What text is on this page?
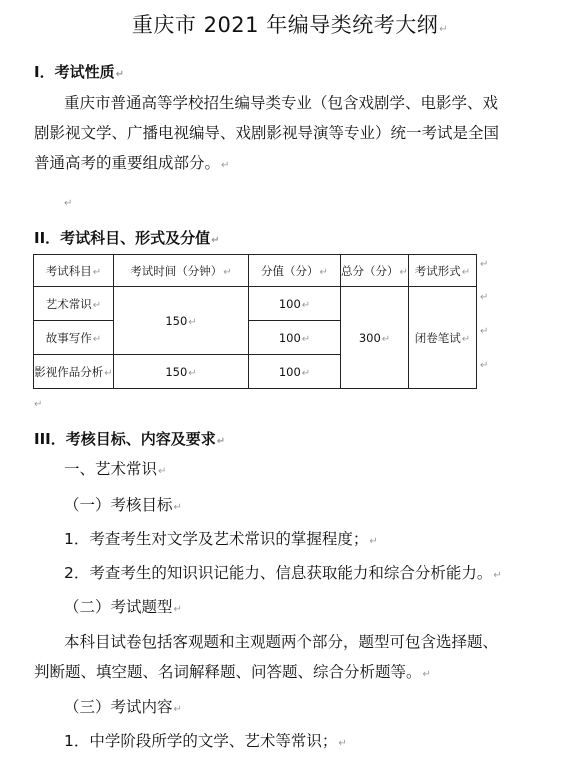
重庆市 2021 年编导类统考大纲↵
I．考试性质↵
重庆市普通高等学校招生编导类专业（包含戏剧学、电影学、戏
剧影视文学、广播电视编导、戏剧影视导演等专业）统一考试是全国
普通高考的重要组成部分。↵
↵
II．考试科目、形式及分值↵
考试科目↵	考试时间（分钟）↵	分值（分）↵	总分（分）↵	考试形式↵
艺术常识↵	150↵	100↵	300↵	闭卷笔试↵
故事写作↵		100↵		
影视作品分析↵	150↵	100↵		
↵
↵
↵
↵
↵
III．考核目标、内容及要求↵
一、艺术常识↵
（一）考核目标↵
1．考查考生对文学及艺术常识的掌握程度；↵
2．考查考生的知识识记能力、信息获取能力和综合分析能力。↵
（二）考试题型↵
本科目试卷包括客观题和主观题两个部分，题型可包含选择题、
判断题、填空题、名词解释题、问答题、综合分析题等。↵
（三）考试内容↵
1．中学阶段所学的文学、艺术等常识；↵
